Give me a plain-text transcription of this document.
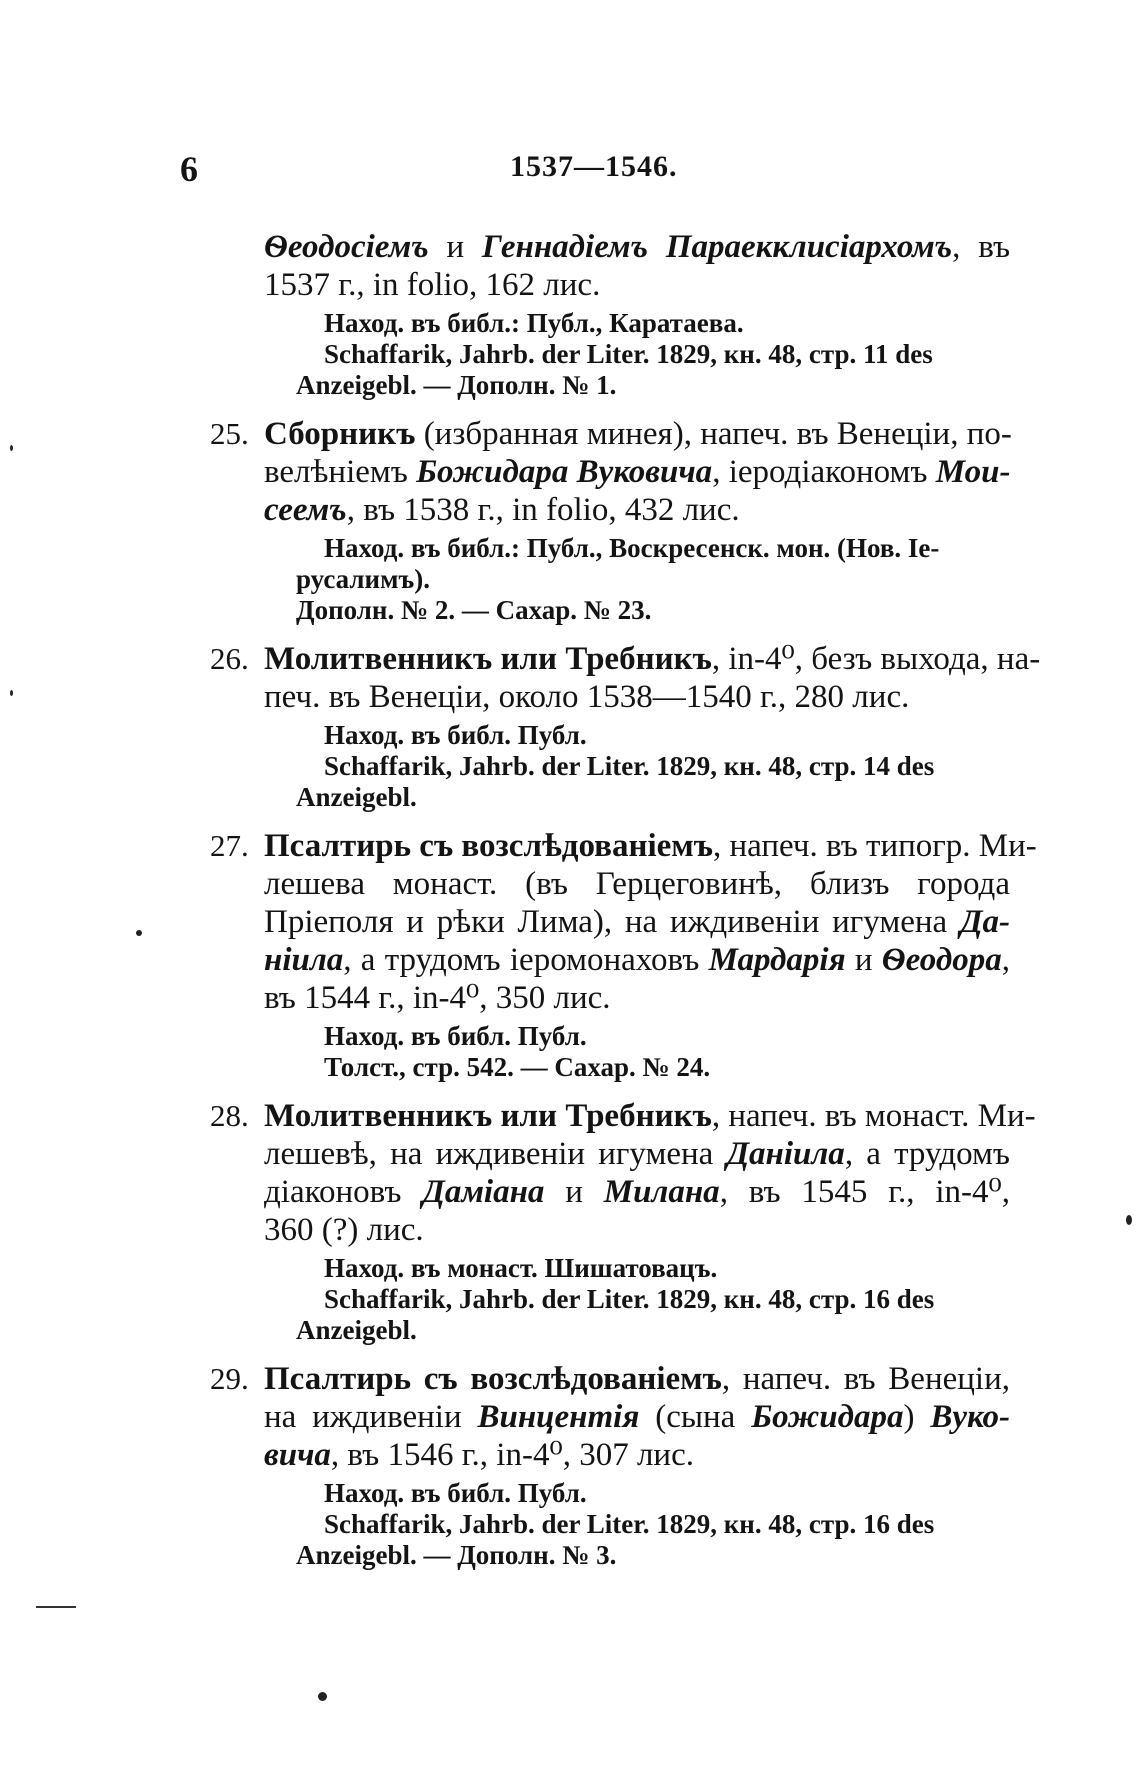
6	1537—1546.
Ѳеодосіемъ и Геннадіемъ Параекклисіархомъ, въ
1537 г., in folio, 162 лис.
Наход. въ библ.: Публ., Каратаева.
Schaffarik, Jahrb. der Liter. 1829, кн. 48, стр. 11 des
Anzeigebl. — Дополн. № 1.
25. Сборникъ (избранная минея), напеч. въ Венеціи, по-
велѣніемъ Божидара Вуковича, іеродіакономъ Мои-
сеемъ, въ 1538 г., in folio, 432 лис.
Наход. въ библ.: Публ., Воскресенск. мон. (Нов. Іе-
русалимъ).
Дополн. № 2. — Сахар. № 23.
26. Молитвенникъ или Требникъ, in-4⁰, безъ выхода, на-
печ. въ Венеціи, около 1538—1540 г., 280 лис.
Наход. въ библ. Публ.
Schaffarik, Jahrb. der Liter. 1829, кн. 48, стр. 14 des
Anzeigebl.
27. Псалтирь съ возслѣдованіемъ, напеч. въ типогр. Ми-
лешева монаст. (въ Герцеговинѣ, близъ города
Пріеполя и рѣки Лима), на иждивеніи игумена Да-
нiила, а трудомъ іеромонаховъ Мардарія и Ѳеодора,
въ 1544 г., in-4⁰, 350 лис.
Наход. въ библ. Публ.
Толст., стр. 542. — Сахар. № 24.
28. Молитвенникъ или Требникъ, напеч. въ монаст. Ми-
лешевѣ, на иждивеніи игумена Данiила, а трудомъ
діаконовъ Дамiана и Милана, въ 1545 г., in-4⁰,
360 (?) лис.
Наход. въ монаст. Шишатовацъ.
Schaffarik, Jahrb. der Liter. 1829, кн. 48, стр. 16 des
Anzeigebl.
29. Псалтирь съ возслѣдованіемъ, напеч. въ Венеціи,
на иждивеніи Винцентія (сына Божидара) Вуко-
вича, въ 1546 г., in-4⁰, 307 лис.
Наход. въ библ. Публ.
Schaffarik, Jahrb. der Liter. 1829, кн. 48, стр. 16 des
Anzeigebl. — Дополн. № 3.
